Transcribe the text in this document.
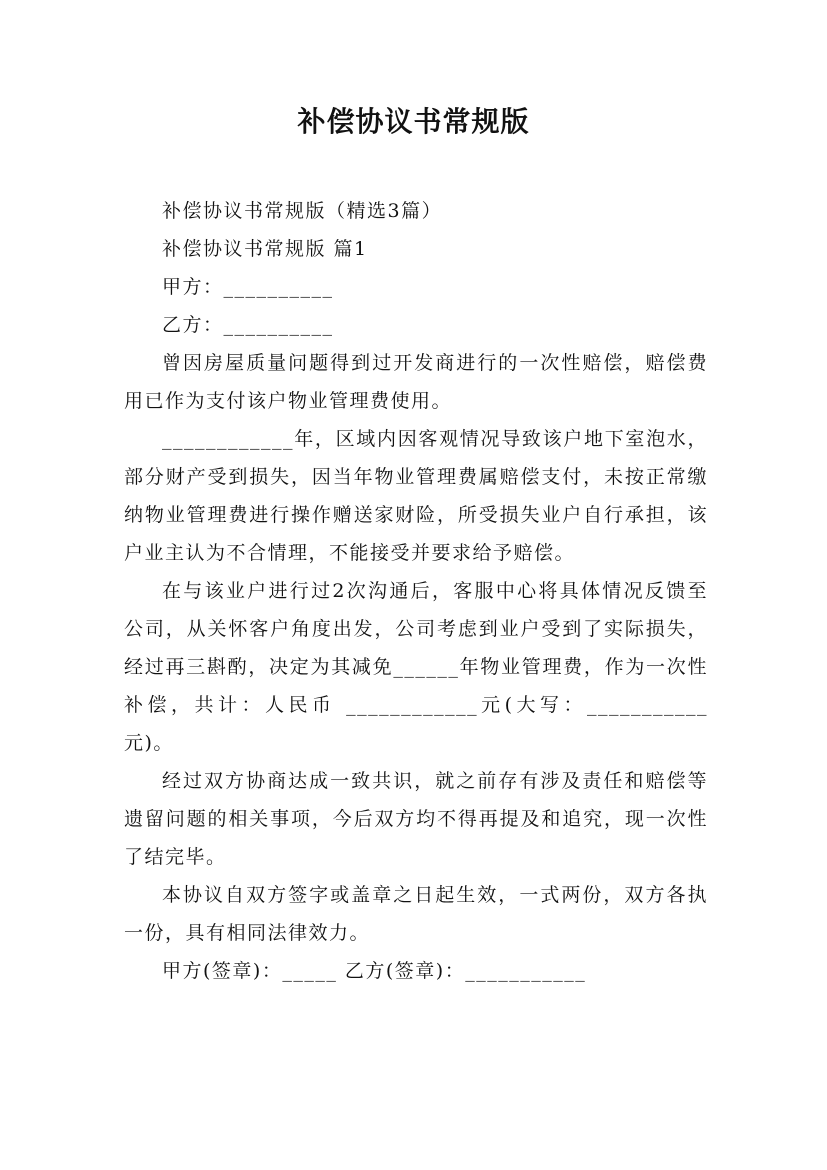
补偿协议书常规版

补偿协议书常规版（精选3篇）

补偿协议书常规版 篇1

甲方：__________

乙方：__________

曾因房屋质量问题得到过开发商进行的一次性赔偿，赔偿费用已作为支付该户物业管理费使用。

____________年，区域内因客观情况导致该户地下室泡水，部分财产受到损失，因当年物业管理费属赔偿支付，未按正常缴纳物业管理费进行操作赠送家财险，所受损失业户自行承担，该户业主认为不合情理，不能接受并要求给予赔偿。

在与该业户进行过2次沟通后，客服中心将具体情况反馈至公司，从关怀客户角度出发，公司考虑到业户受到了实际损失，经过再三斟酌，决定为其减免______年物业管理费，作为一次性补偿，共计：人民币 ____________元(大写：___________元)。

经过双方协商达成一致共识，就之前存有涉及责任和赔偿等遗留问题的相关事项，今后双方均不得再提及和追究，现一次性了结完毕。

本协议自双方签字或盖章之日起生效，一式两份，双方各执一份，具有相同法律效力。

甲方(签章)：_____ 乙方(签章)：___________
